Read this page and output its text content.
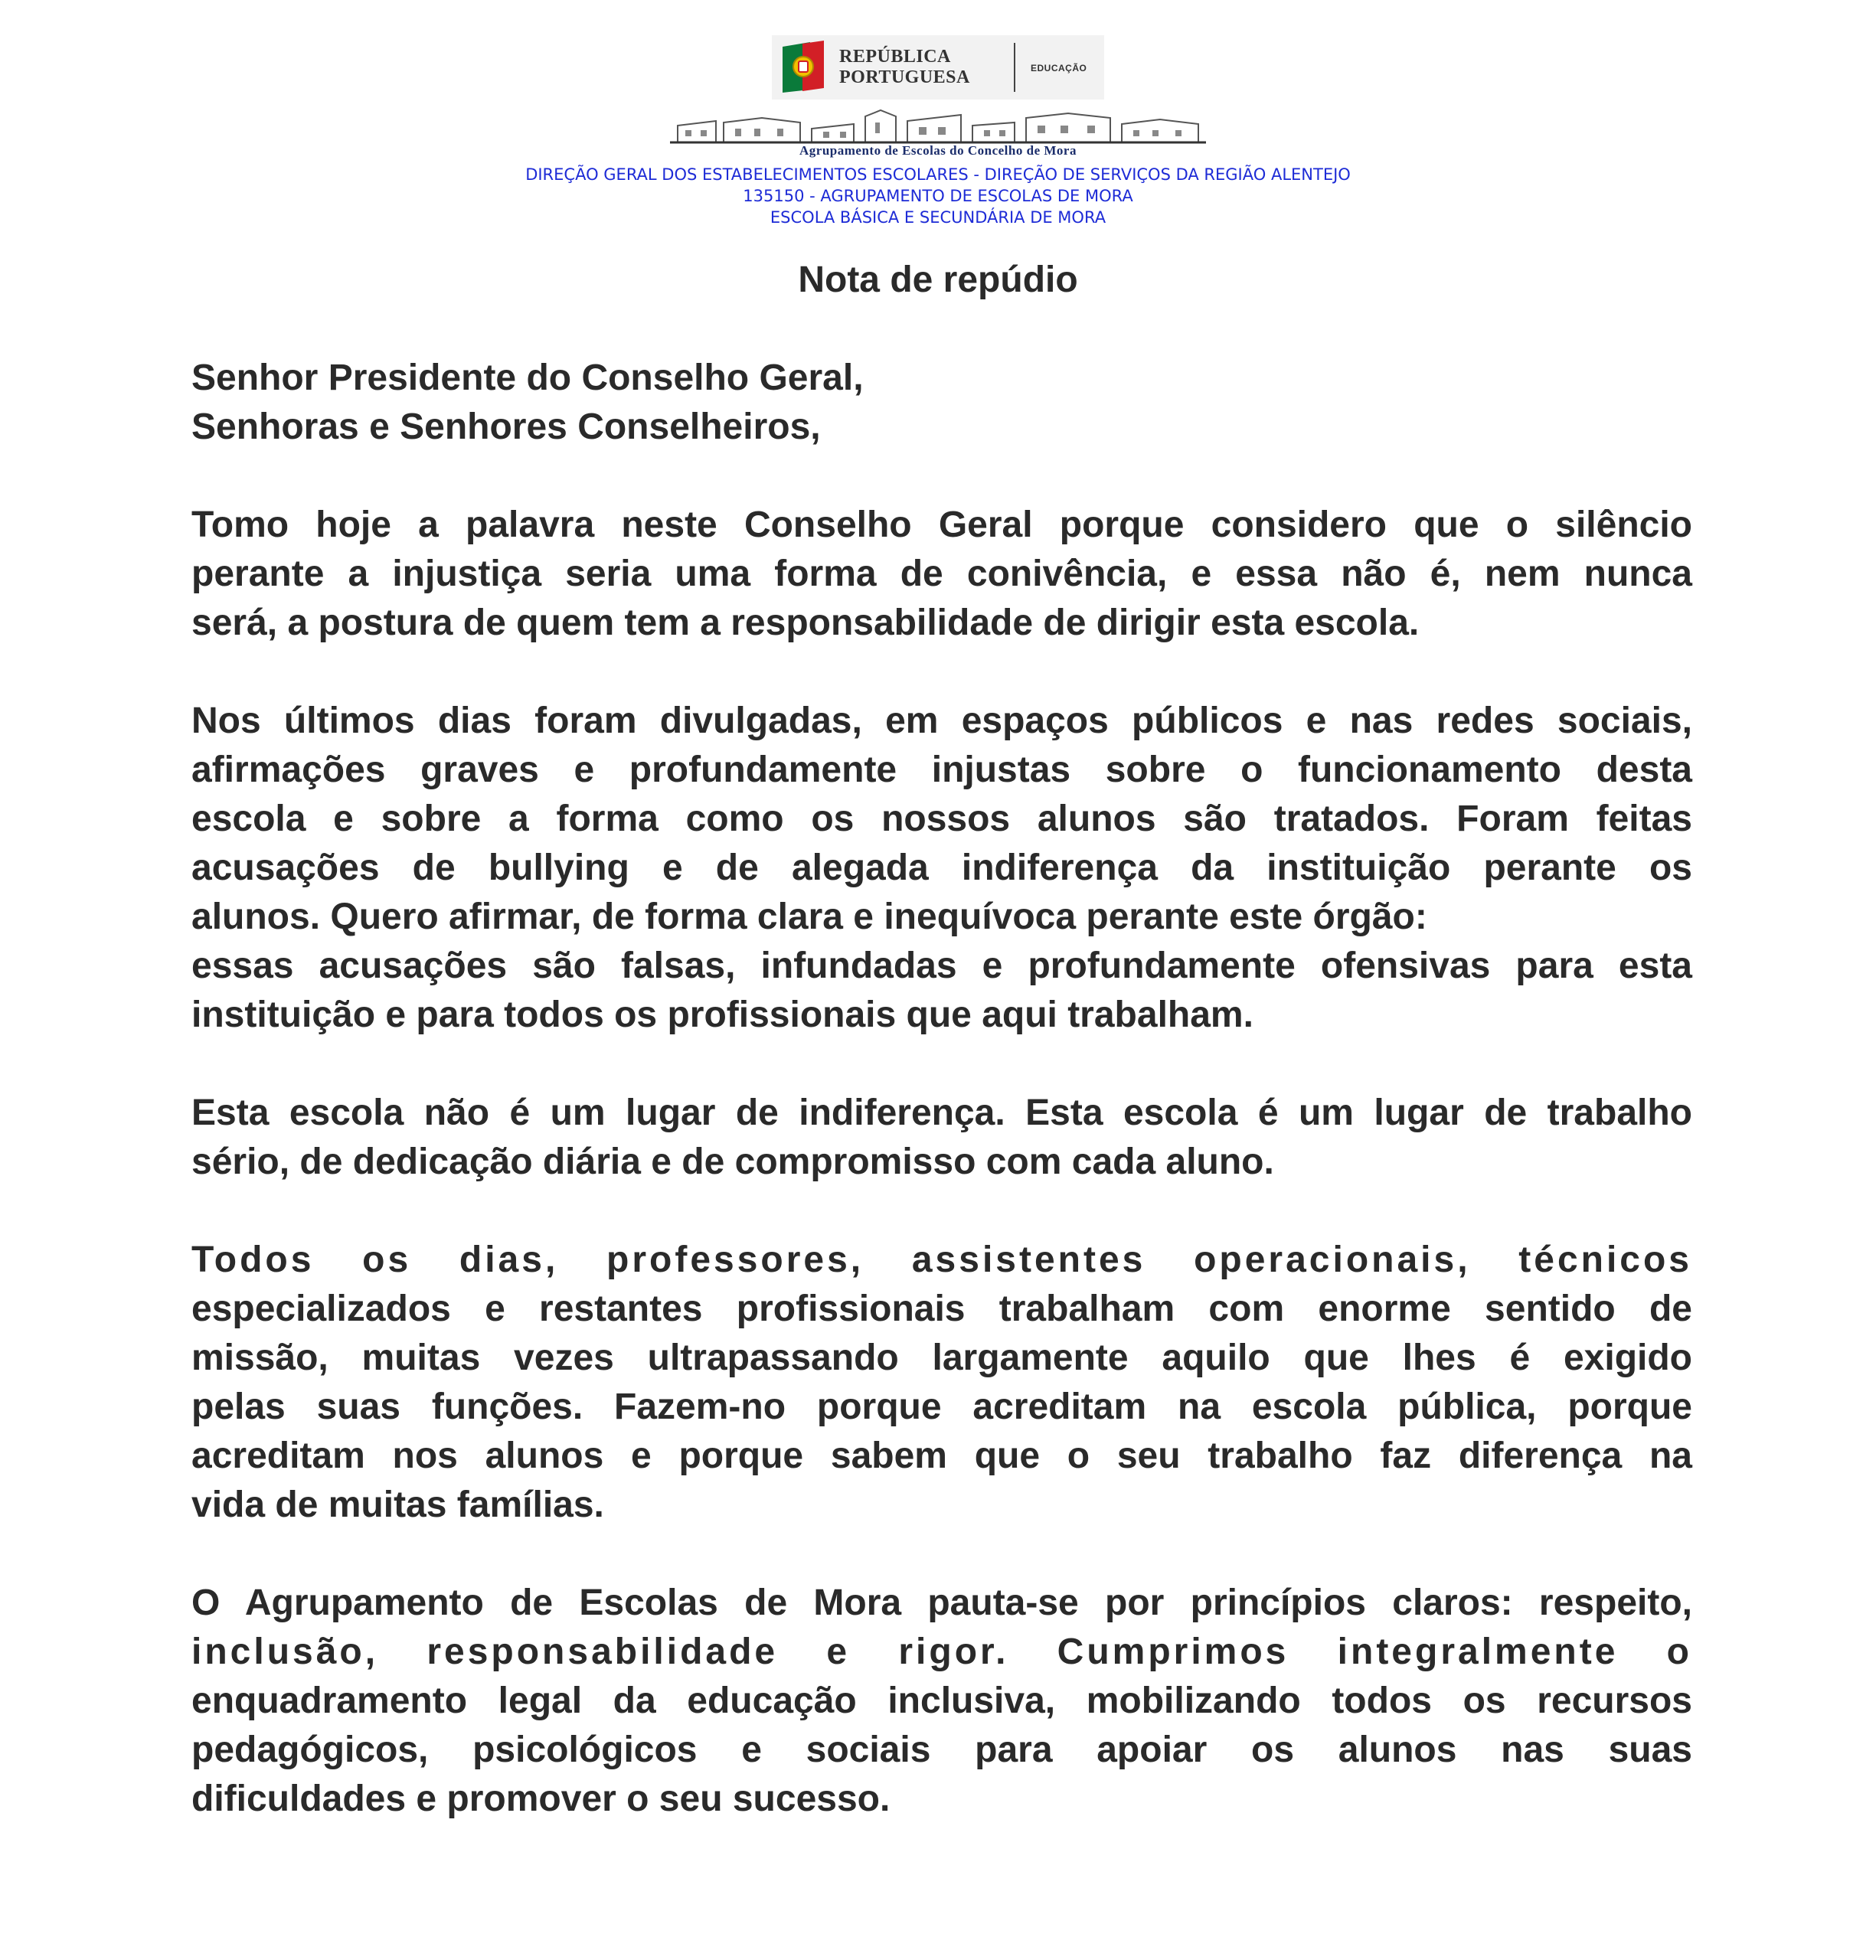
REPÚBLICA
PORTUGUESA	EDUCAÇÃO
Agrupamento de Escolas do Concelho de Mora
DIREÇÃO GERAL DOS ESTABELECIMENTOS ESCOLARES - DIREÇÃO DE SERVIÇOS DA REGIÃO ALENTEJO
135150 - AGRUPAMENTO DE ESCOLAS DE MORA
ESCOLA BÁSICA E SECUNDÁRIA DE MORA
Nota de repúdio
Senhor Presidente do Conselho Geral,
Senhoras e Senhores Conselheiros,
Tomo hoje a palavra neste Conselho Geral porque considero que o silêncio
perante a injustiça seria uma forma de conivência, e essa não é, nem nunca
será, a postura de quem tem a responsabilidade de dirigir esta escola.
Nos últimos dias foram divulgadas, em espaços públicos e nas redes sociais,
afirmações graves e profundamente injustas sobre o funcionamento desta
escola e sobre a forma como os nossos alunos são tratados. Foram feitas
acusações de bullying e de alegada indiferença da instituição perante os
alunos. Quero afirmar, de forma clara e inequívoca perante este órgão:
essas acusações são falsas, infundadas e profundamente ofensivas para esta
instituição e para todos os profissionais que aqui trabalham.
Esta escola não é um lugar de indiferença. Esta escola é um lugar de trabalho
sério, de dedicação diária e de compromisso com cada aluno.
Todos os dias, professores, assistentes operacionais, técnicos
especializados e restantes profissionais trabalham com enorme sentido de
missão, muitas vezes ultrapassando largamente aquilo que lhes é exigido
pelas suas funções. Fazem-no porque acreditam na escola pública, porque
acreditam nos alunos e porque sabem que o seu trabalho faz diferença na
vida de muitas famílias.
O Agrupamento de Escolas de Mora pauta-se por princípios claros: respeito,
inclusão, responsabilidade e rigor. Cumprimos integralmente o
enquadramento legal da educação inclusiva, mobilizando todos os recursos
pedagógicos, psicológicos e sociais para apoiar os alunos nas suas
dificuldades e promover o seu sucesso.
